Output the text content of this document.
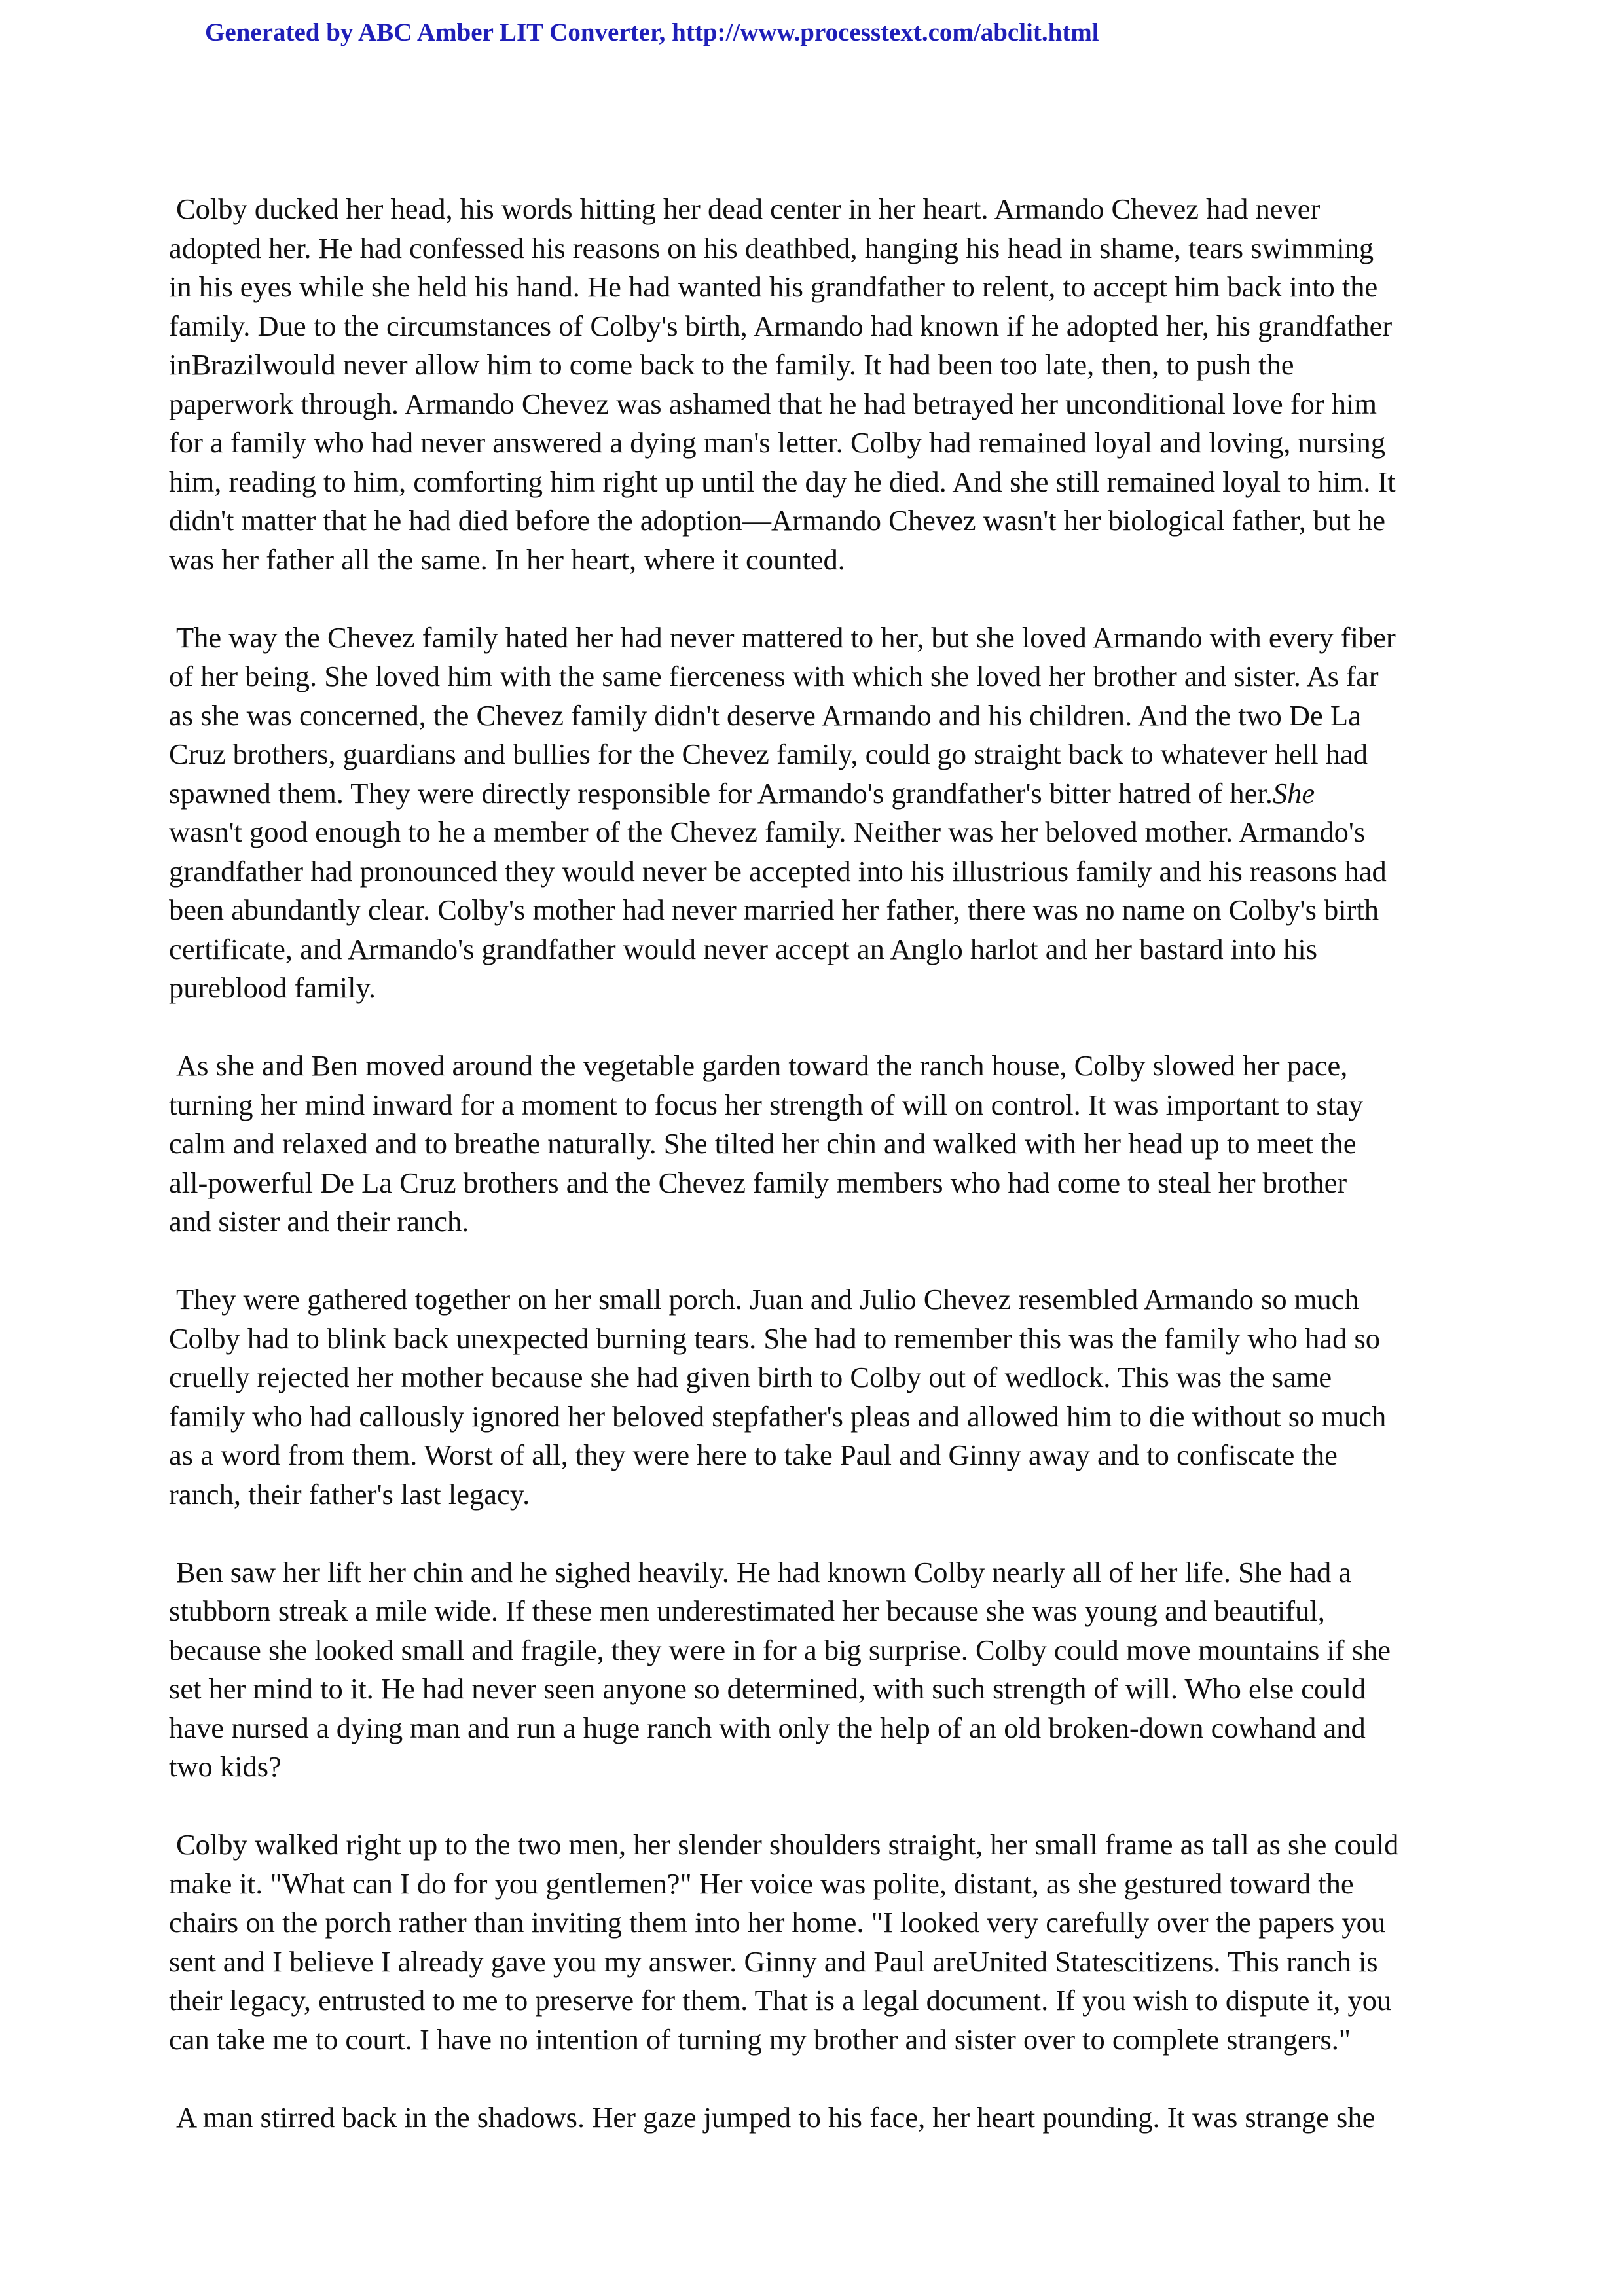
Generated by ABC Amber LIT Converter, http://www.processtext.com/abclit.html
Colby ducked her head, his words hitting her dead center in her heart. Armando Chevez had never
adopted her. He had confessed his reasons on his deathbed, hanging his head in shame, tears swimming
in his eyes while she held his hand. He had wanted his grandfather to relent, to accept him back into the
family. Due to the circumstances of Colby's birth, Armando had known if he adopted her, his grandfather
inBrazilwould never allow him to come back to the family. It had been too late, then, to push the
paperwork through. Armando Chevez was ashamed that he had betrayed her unconditional love for him
for a family who had never answered a dying man's letter. Colby had remained loyal and loving, nursing
him, reading to him, comforting him right up until the day he died. And she still remained loyal to him. It
didn't matter that he had died before the adoption—Armando Chevez wasn't her biological father, but he
was her father all the same. In her heart, where it counted.
The way the Chevez family hated her had never mattered to her, but she loved Armando with every fiber
of her being. She loved him with the same fierceness with which she loved her brother and sister. As far
as she was concerned, the Chevez family didn't deserve Armando and his children. And the two De La
Cruz brothers, guardians and bullies for the Chevez family, could go straight back to whatever hell had
spawned them. They were directly responsible for Armando's grandfather's bitter hatred of her.She
wasn't good enough to he a member of the Chevez family. Neither was her beloved mother. Armando's
grandfather had pronounced they would never be accepted into his illustrious family and his reasons had
been abundantly clear. Colby's mother had never married her father, there was no name on Colby's birth
certificate, and Armando's grandfather would never accept an Anglo harlot and her bastard into his
pureblood family.
As she and Ben moved around the vegetable garden toward the ranch house, Colby slowed her pace,
turning her mind inward for a moment to focus her strength of will on control. It was important to stay
calm and relaxed and to breathe naturally. She tilted her chin and walked with her head up to meet the
all-powerful De La Cruz brothers and the Chevez family members who had come to steal her brother
and sister and their ranch.
They were gathered together on her small porch. Juan and Julio Chevez resembled Armando so much
Colby had to blink back unexpected burning tears. She had to remember this was the family who had so
cruelly rejected her mother because she had given birth to Colby out of wedlock. This was the same
family who had callously ignored her beloved stepfather's pleas and allowed him to die without so much
as a word from them. Worst of all, they were here to take Paul and Ginny away and to confiscate the
ranch, their father's last legacy.
Ben saw her lift her chin and he sighed heavily. He had known Colby nearly all of her life. She had a
stubborn streak a mile wide. If these men underestimated her because she was young and beautiful,
because she looked small and fragile, they were in for a big surprise. Colby could move mountains if she
set her mind to it. He had never seen anyone so determined, with such strength of will. Who else could
have nursed a dying man and run a huge ranch with only the help of an old broken-down cowhand and
two kids?
Colby walked right up to the two men, her slender shoulders straight, her small frame as tall as she could
make it. "What can I do for you gentlemen?" Her voice was polite, distant, as she gestured toward the
chairs on the porch rather than inviting them into her home. "I looked very carefully over the papers you
sent and I believe I already gave you my answer. Ginny and Paul areUnited Statescitizens. This ranch is
their legacy, entrusted to me to preserve for them. That is a legal document. If you wish to dispute it, you
can take me to court. I have no intention of turning my brother and sister over to complete strangers."
A man stirred back in the shadows. Her gaze jumped to his face, her heart pounding. It was strange she
